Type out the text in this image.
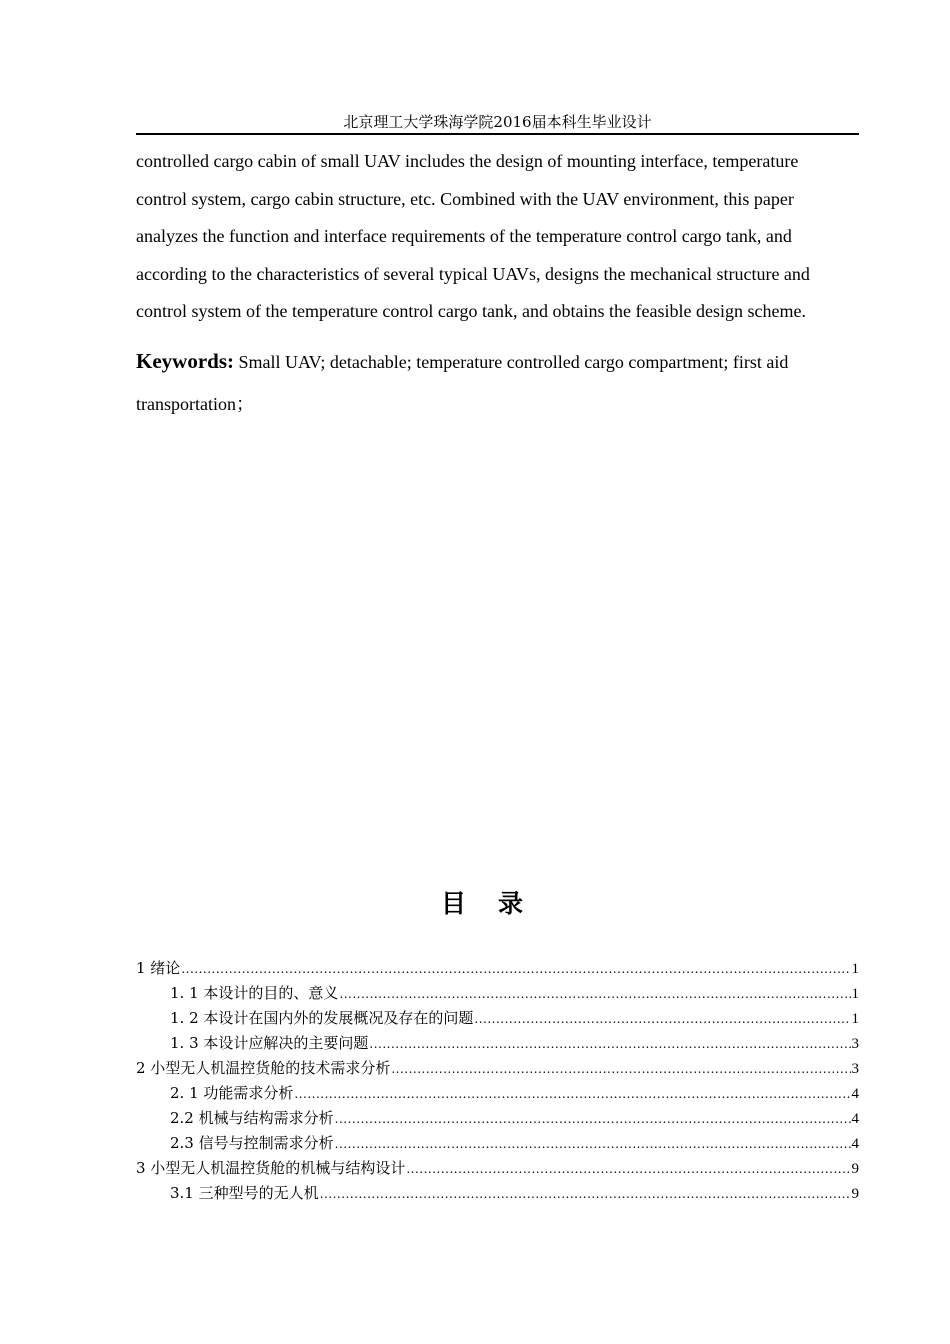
北京理工大学珠海学院2016届本科生毕业设计
controlled cargo cabin of small UAV includes the design of mounting interface, temperature
control system, cargo cabin structure, etc. Combined with the UAV environment, this paper
analyzes the function and interface requirements of the temperature control cargo tank, and
according to the characteristics of several typical UAVs, designs the mechanical structure and
control system of the temperature control cargo tank, and obtains the feasible design scheme.
Keywords: Small UAV; detachable; temperature controlled cargo compartment; first aid
transportation；
目录
1 绪论 .....	1
1. 1 本设计的目的、意义 .....	1
1. 2 本设计在国内外的发展概况及存在的问题 .....	1
1. 3 本设计应解决的主要问题 .....	3
2 小型无人机温控货舱的技术需求分析 .....	3
2. 1 功能需求分析 .....	4
2.2 机械与结构需求分析 .....	4
2.3 信号与控制需求分析 .....	4
3 小型无人机温控货舱的机械与结构设计 .....	9
3.1 三种型号的无人机 .....	9
